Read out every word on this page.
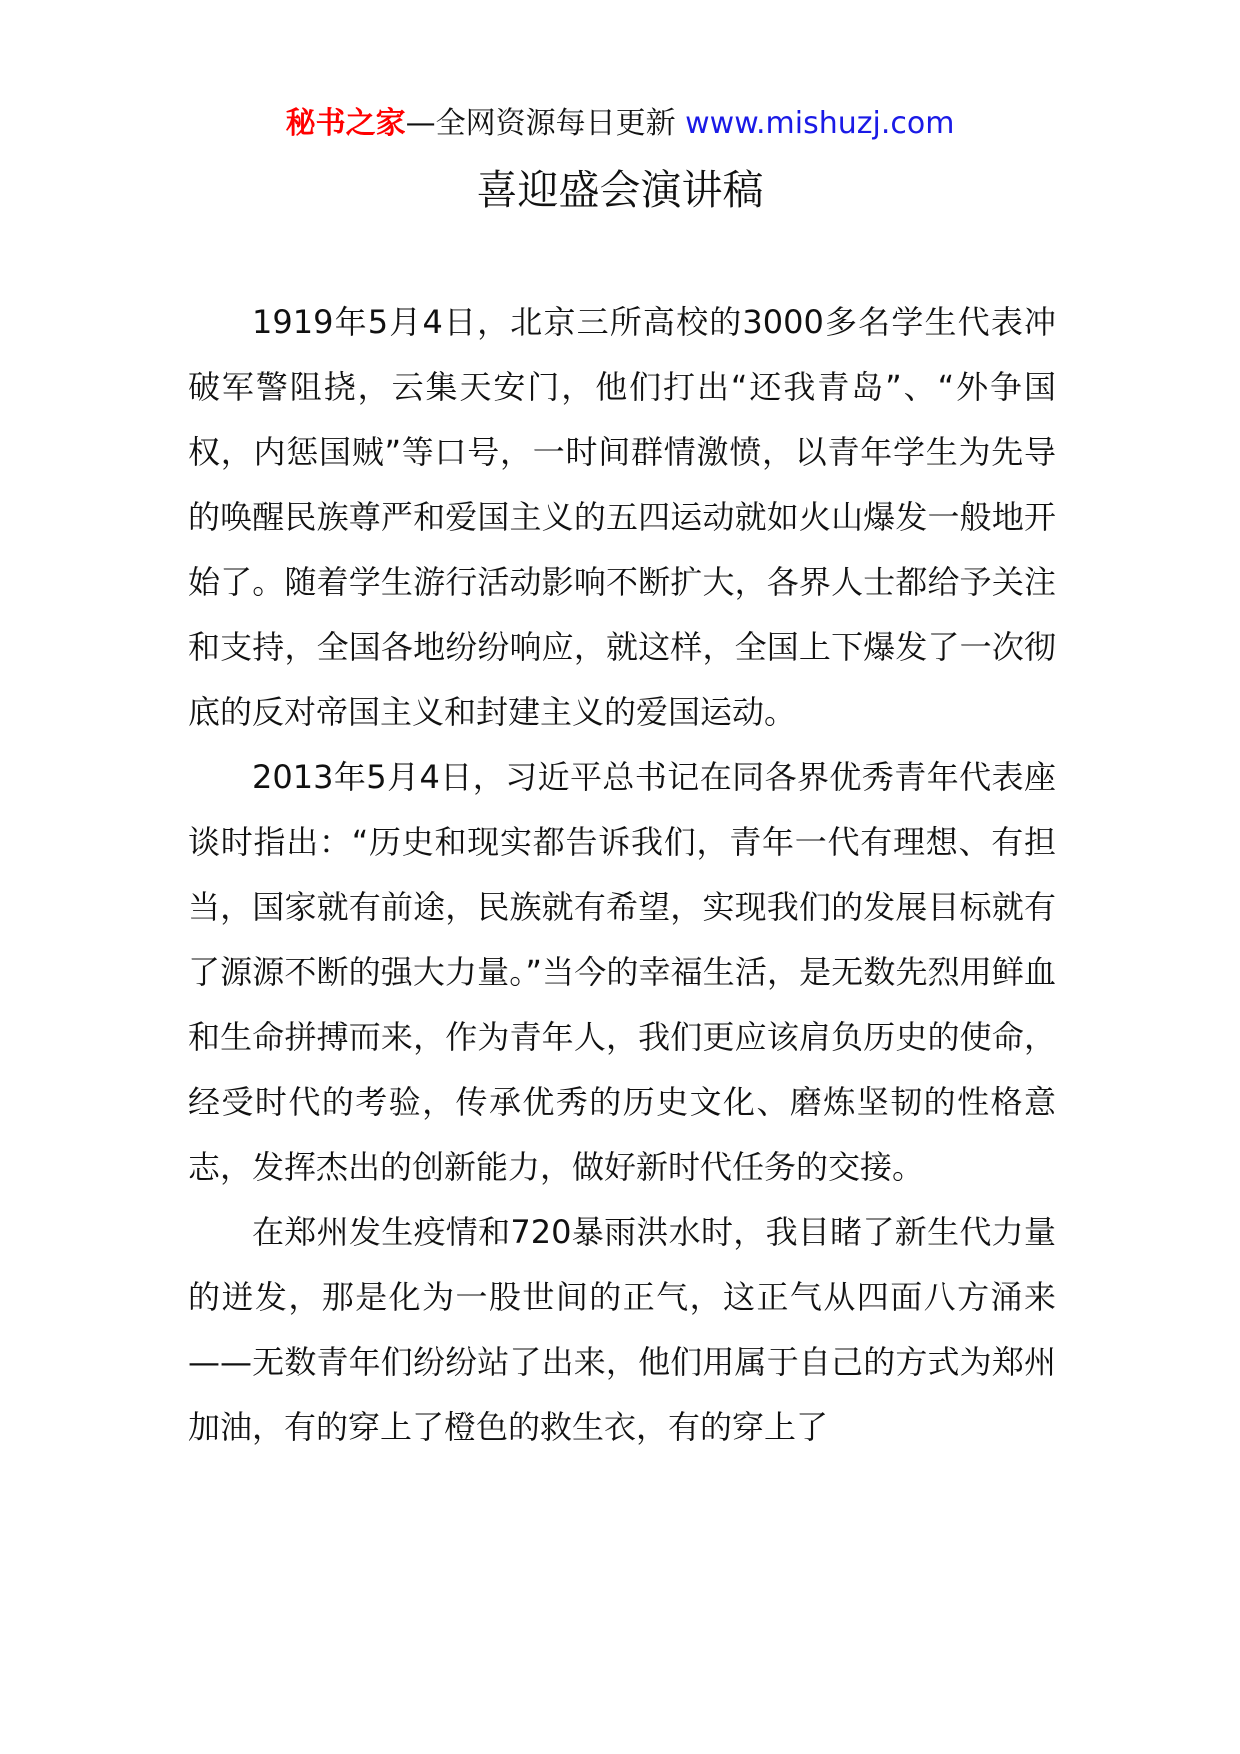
秘书之家—全网资源每日更新 www.mishuzj.com
喜迎盛会演讲稿

1919年5月4日，北京三所高校的3000多名学生代表冲破军警阻挠，云集天安门，他们打出“还我青岛”、“外争国权，内惩国贼”等口号，一时间群情激愤，以青年学生为先导的唤醒民族尊严和爱国主义的五四运动就如火山爆发一般地开始了。随着学生游行活动影响不断扩大，各界人士都给予关注和支持，全国各地纷纷响应，就这样，全国上下爆发了一次彻底的反对帝国主义和封建主义的爱国运动。

2013年5月4日，习近平总书记在同各界优秀青年代表座谈时指出：“历史和现实都告诉我们，青年一代有理想、有担当，国家就有前途，民族就有希望，实现我们的发展目标就有了源源不断的强大力量。”当今的幸福生活，是无数先烈用鲜血和生命拼搏而来，作为青年人，我们更应该肩负历史的使命，经受时代的考验，传承优秀的历史文化、磨炼坚韧的性格意志，发挥杰出的创新能力，做好新时代任务的交接。

在郑州发生疫情和720暴雨洪水时，我目睹了新生代力量的迸发，那是化为一股世间的正气，这正气从四面八方涌来——无数青年们纷纷站了出来，他们用属于自己的方式为郑州加油，有的穿上了橙色的救生衣，有的穿上了
